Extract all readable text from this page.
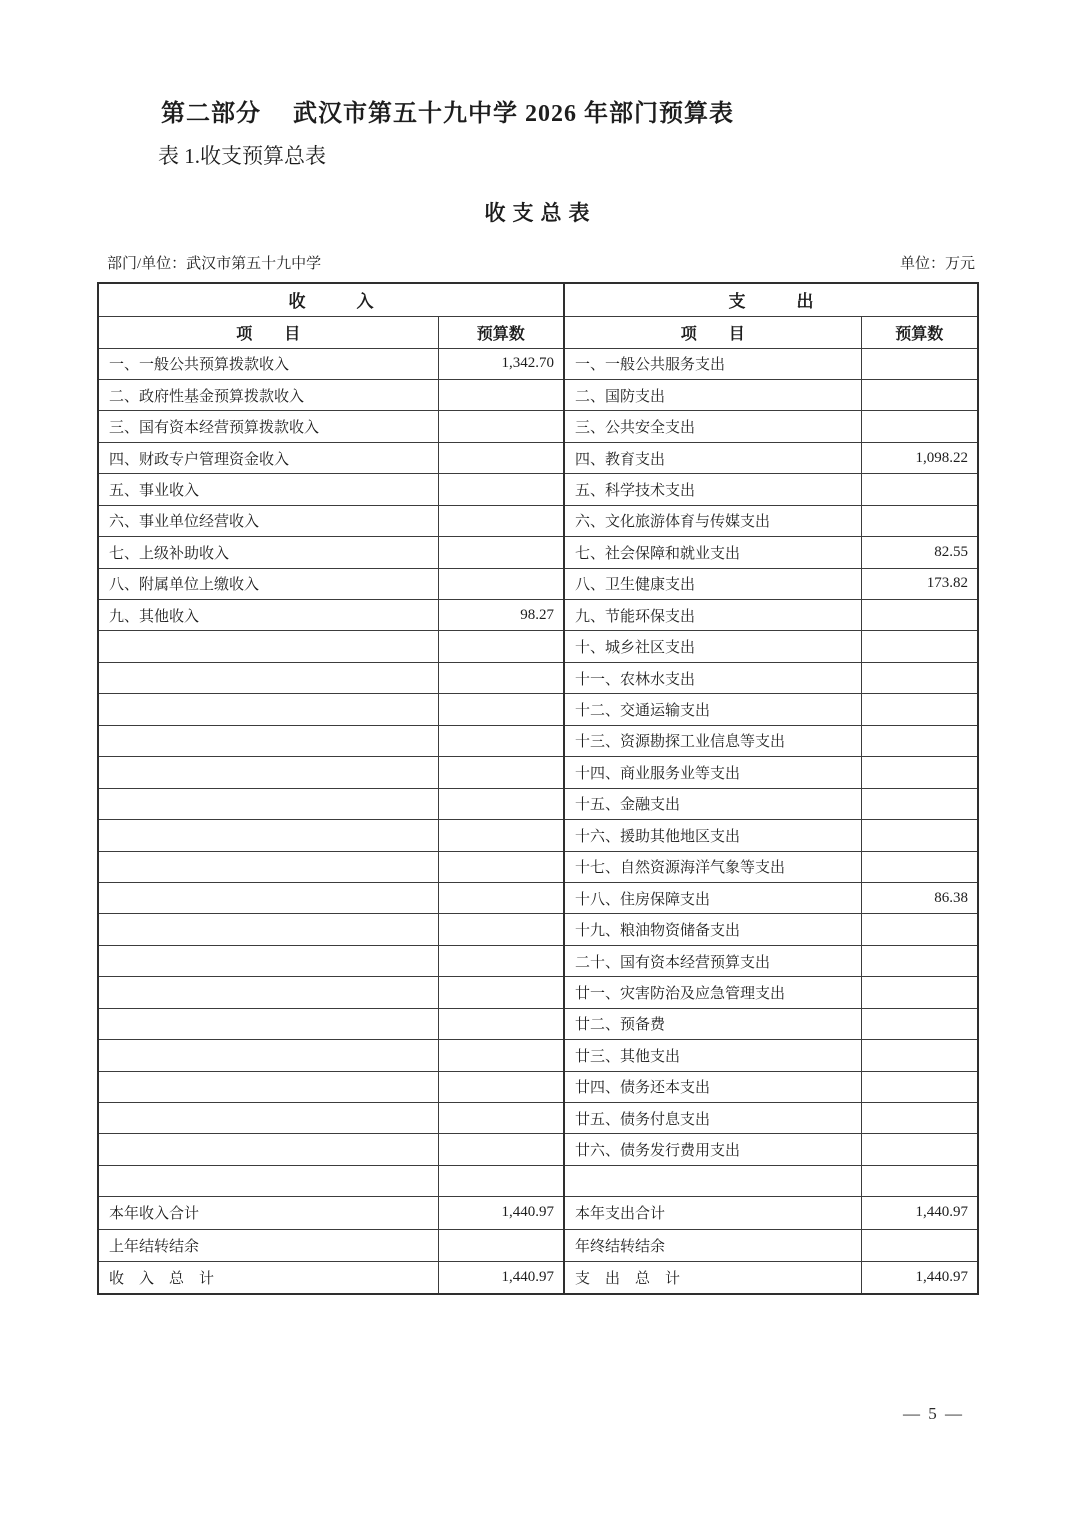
第二部分　 武汉市第五十九中学 2026 年部门预算表
表 1.收支预算总表
收支总表
部门/单位：武汉市第五十九中学	单位：万元
收　　　入		支　　　出	
项　　目	预算数	项　　目	预算数
一、一般公共预算拨款收入	1,342.70	一、一般公共服务支出	
二、政府性基金预算拨款收入		二、国防支出	
三、国有资本经营预算拨款收入		三、公共安全支出	
四、财政专户管理资金收入		四、教育支出	1,098.22
五、事业收入		五、科学技术支出	
六、事业单位经营收入		六、文化旅游体育与传媒支出	
七、上级补助收入		七、社会保障和就业支出	82.55
八、附属单位上缴收入		八、卫生健康支出	173.82
九、其他收入	98.27	九、节能环保支出	
		十、城乡社区支出	
		十一、农林水支出	
		十二、交通运输支出	
		十三、资源勘探工业信息等支出	
		十四、商业服务业等支出	
		十五、金融支出	
		十六、援助其他地区支出	
		十七、自然资源海洋气象等支出	
		十八、住房保障支出	86.38
		十九、粮油物资储备支出	
		二十、国有资本经营预算支出	
		廿一、灾害防治及应急管理支出	
		廿二、预备费	
		廿三、其他支出	
		廿四、债务还本支出	
		廿五、债务付息支出	
		廿六、债务发行费用支出	

本年收入合计	1,440.97	本年支出合计	1,440.97
上年结转结余		年终结转结余	
收　入　总　计	1,440.97	支　出　总　计	1,440.97
— 5 —
